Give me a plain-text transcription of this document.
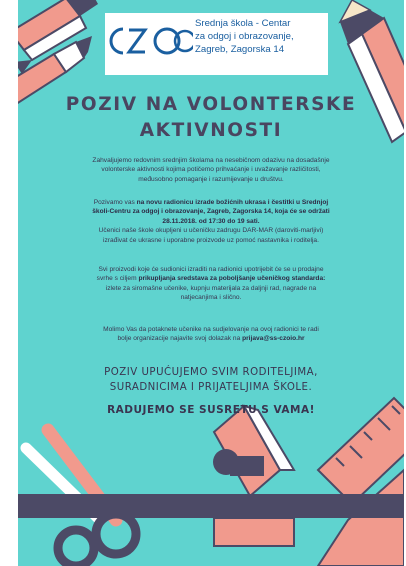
Srednja škola - Centar
za odgoj i obrazovanje,
Zagreb, Zagorska 14
POZIV NA VOLONTERSKE
AKTIVNOSTI
Zahvaljujemo redovnim srednjim školama na nesebičnom odazivu na dosadašnje
volonterske aktivnosti kojima potičemo prihvaćanje i uvažavanje različitosti,
međusobno pomaganje i razumijevanje u društvu.
Pozivamo vas na novu radionicu izrade božićnih ukrasa i čestitki u Srednjoj
školi-Centru za odgoj i obrazovanje, Zagreb, Zagorska 14, koja će se održati
28.11.2018. od 17:30 do 19 sati.
Učenici naše škole okupljeni u učeničku zadrugu DAR-MAR (daroviti-marljivi)
izrađivat će ukrasne i uporabne proizvode uz pomoć nastavnika i roditelja.
Svi proizvodi koje će sudionici izraditi na radionici upotrijebit će se u prodajne
svrhe s ciljem prikupljanja sredstava za poboljšanje učeničkog standarda:
izlete za siromašne učenike, kupnju materijala za daljnji rad, nagrade na
natjecanjima i slično.
Molimo Vas da potaknete učenike na sudjelovanje na ovoj radionici te radi
bolje organizacije najavite svoj dolazak na prijava@ss-czoio.hr
POZIV UPUĆUJEMO SVIM RODITELJIMA,
SURADNICIMA I PRIJATELJIMA ŠKOLE.
RADUJEMO SE SUSRETU S VAMA!
